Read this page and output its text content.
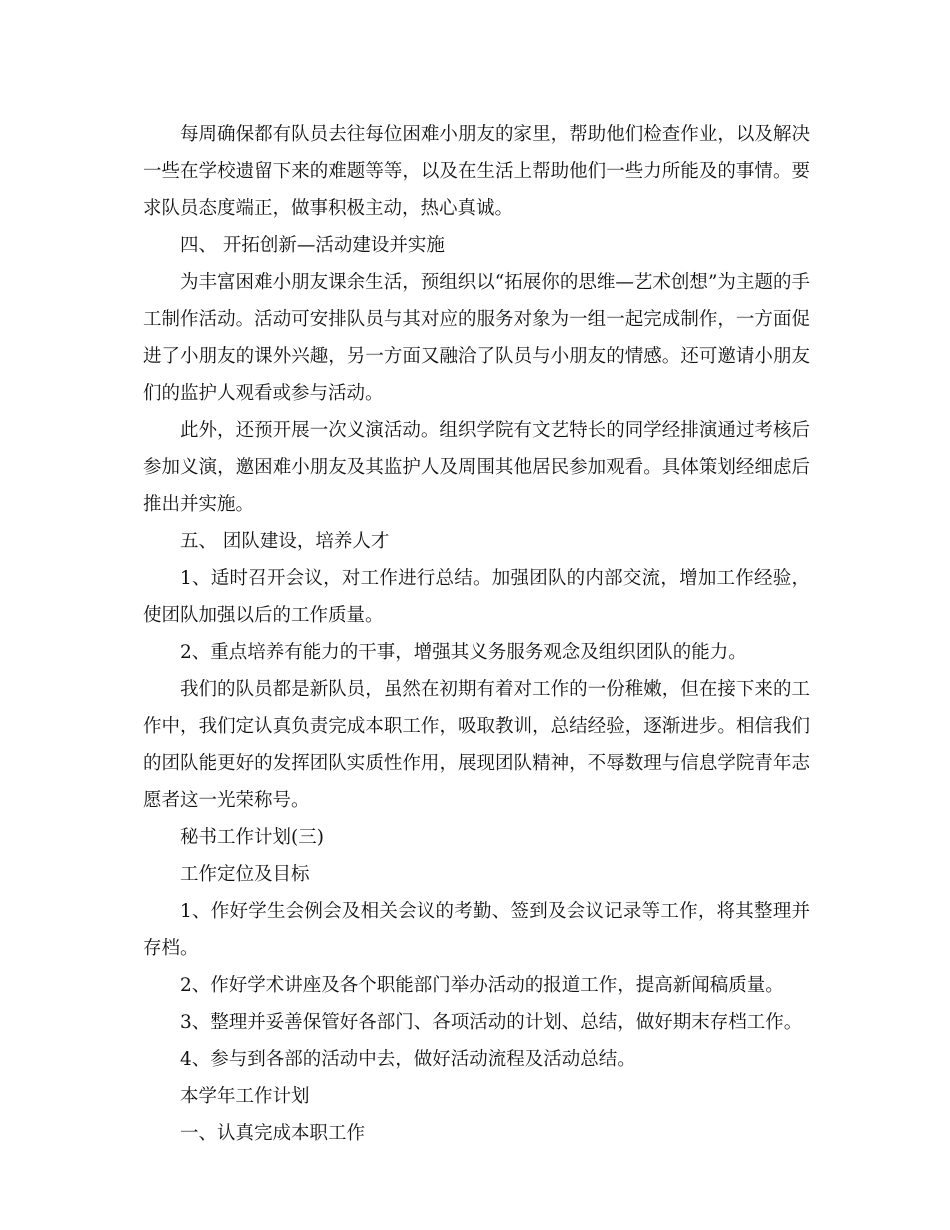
每周确保都有队员去往每位困难小朋友的家里，帮助他们检查作业，以及解决一些在学校遗留下来的难题等等，以及在生活上帮助他们一些力所能及的事情。要求队员态度端正，做事积极主动，热心真诚。

四、 开拓创新—活动建设并实施

为丰富困难小朋友课余生活，预组织以“拓展你的思维—艺术创想”为主题的手工制作活动。活动可安排队员与其对应的服务对象为一组一起完成制作，一方面促进了小朋友的课外兴趣，另一方面又融洽了队员与小朋友的情感。还可邀请小朋友们的监护人观看或参与活动。

此外，还预开展一次义演活动。组织学院有文艺特长的同学经排演通过考核后参加义演，邀困难小朋友及其监护人及周围其他居民参加观看。具体策划经细虑后推出并实施。

五、 团队建设，培养人才

1、适时召开会议，对工作进行总结。加强团队的内部交流，增加工作经验，使团队加强以后的工作质量。

2、重点培养有能力的干事，增强其义务服务观念及组织团队的能力。

我们的队员都是新队员，虽然在初期有着对工作的一份稚嫩，但在接下来的工作中，我们定认真负责完成本职工作，吸取教训，总结经验，逐渐进步。相信我们的团队能更好的发挥团队实质性作用，展现团队精神，不辱数理与信息学院青年志愿者这一光荣称号。

秘书工作计划(三)

工作定位及目标

1、作好学生会例会及相关会议的考勤、签到及会议记录等工作，将其整理并存档。

2、作好学术讲座及各个职能部门举办活动的报道工作，提高新闻稿质量。

3、整理并妥善保管好各部门、各项活动的计划、总结，做好期末存档工作。

4、参与到各部的活动中去，做好活动流程及活动总结。

本学年工作计划

一、认真完成本职工作
